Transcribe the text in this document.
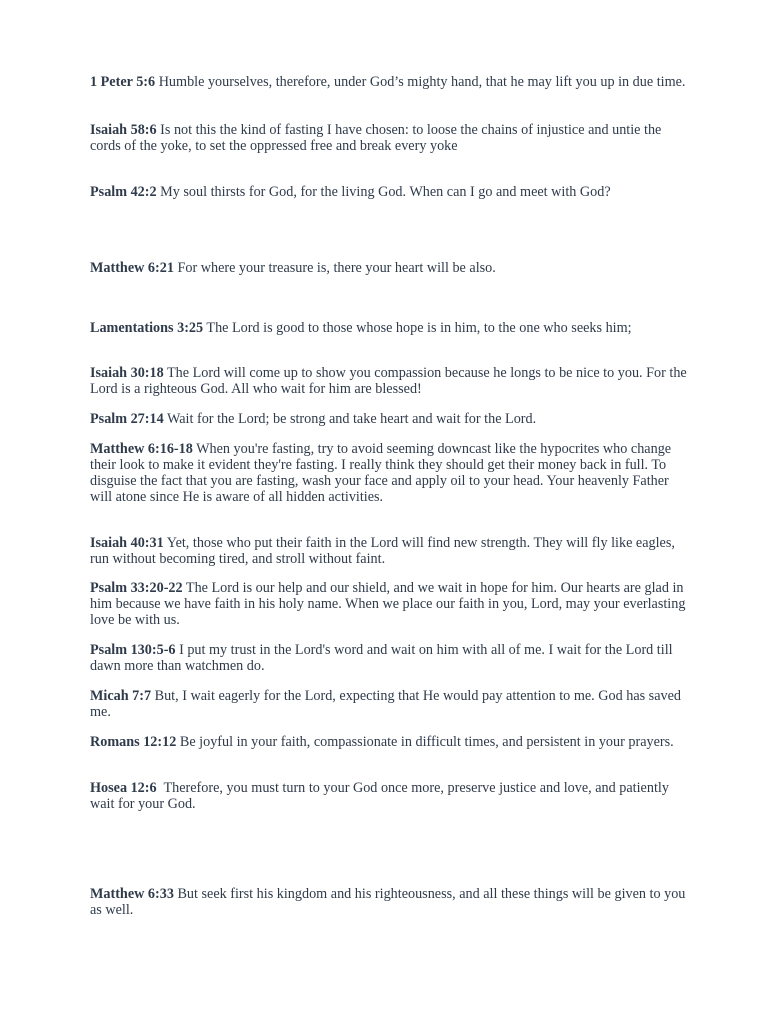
1 Peter 5:6 Humble yourselves, therefore, under God’s mighty hand, that he may lift you up in due time.

Isaiah 58:6 Is not this the kind of fasting I have chosen: to loose the chains of injustice and untie the cords of the yoke, to set the oppressed free and break every yoke

Psalm 42:2 My soul thirsts for God, for the living God. When can I go and meet with God?

Matthew 6:21 For where your treasure is, there your heart will be also.

Lamentations 3:25 The Lord is good to those whose hope is in him, to the one who seeks him;

Isaiah 30:18 The Lord will come up to show you compassion because he longs to be nice to you. For the Lord is a righteous God. All who wait for him are blessed!

Psalm 27:14 Wait for the Lord; be strong and take heart and wait for the Lord.

Matthew 6:16-18 When you're fasting, try to avoid seeming downcast like the hypocrites who change their look to make it evident they're fasting. I really think they should get their money back in full. To disguise the fact that you are fasting, wash your face and apply oil to your head. Your heavenly Father will atone since He is aware of all hidden activities.

Isaiah 40:31 Yet, those who put their faith in the Lord will find new strength. They will fly like eagles, run without becoming tired, and stroll without faint.

Psalm 33:20-22 The Lord is our help and our shield, and we wait in hope for him. Our hearts are glad in him because we have faith in his holy name. When we place our faith in you, Lord, may your everlasting love be with us.

Psalm 130:5-6 I put my trust in the Lord's word and wait on him with all of me. I wait for the Lord till dawn more than watchmen do.

Micah 7:7 But, I wait eagerly for the Lord, expecting that He would pay attention to me. God has saved me.

Romans 12:12 Be joyful in your faith, compassionate in difficult times, and persistent in your prayers.

Hosea 12:6  Therefore, you must turn to your God once more, preserve justice and love, and patiently wait for your God.

Matthew 6:33 But seek first his kingdom and his righteousness, and all these things will be given to you as well.
